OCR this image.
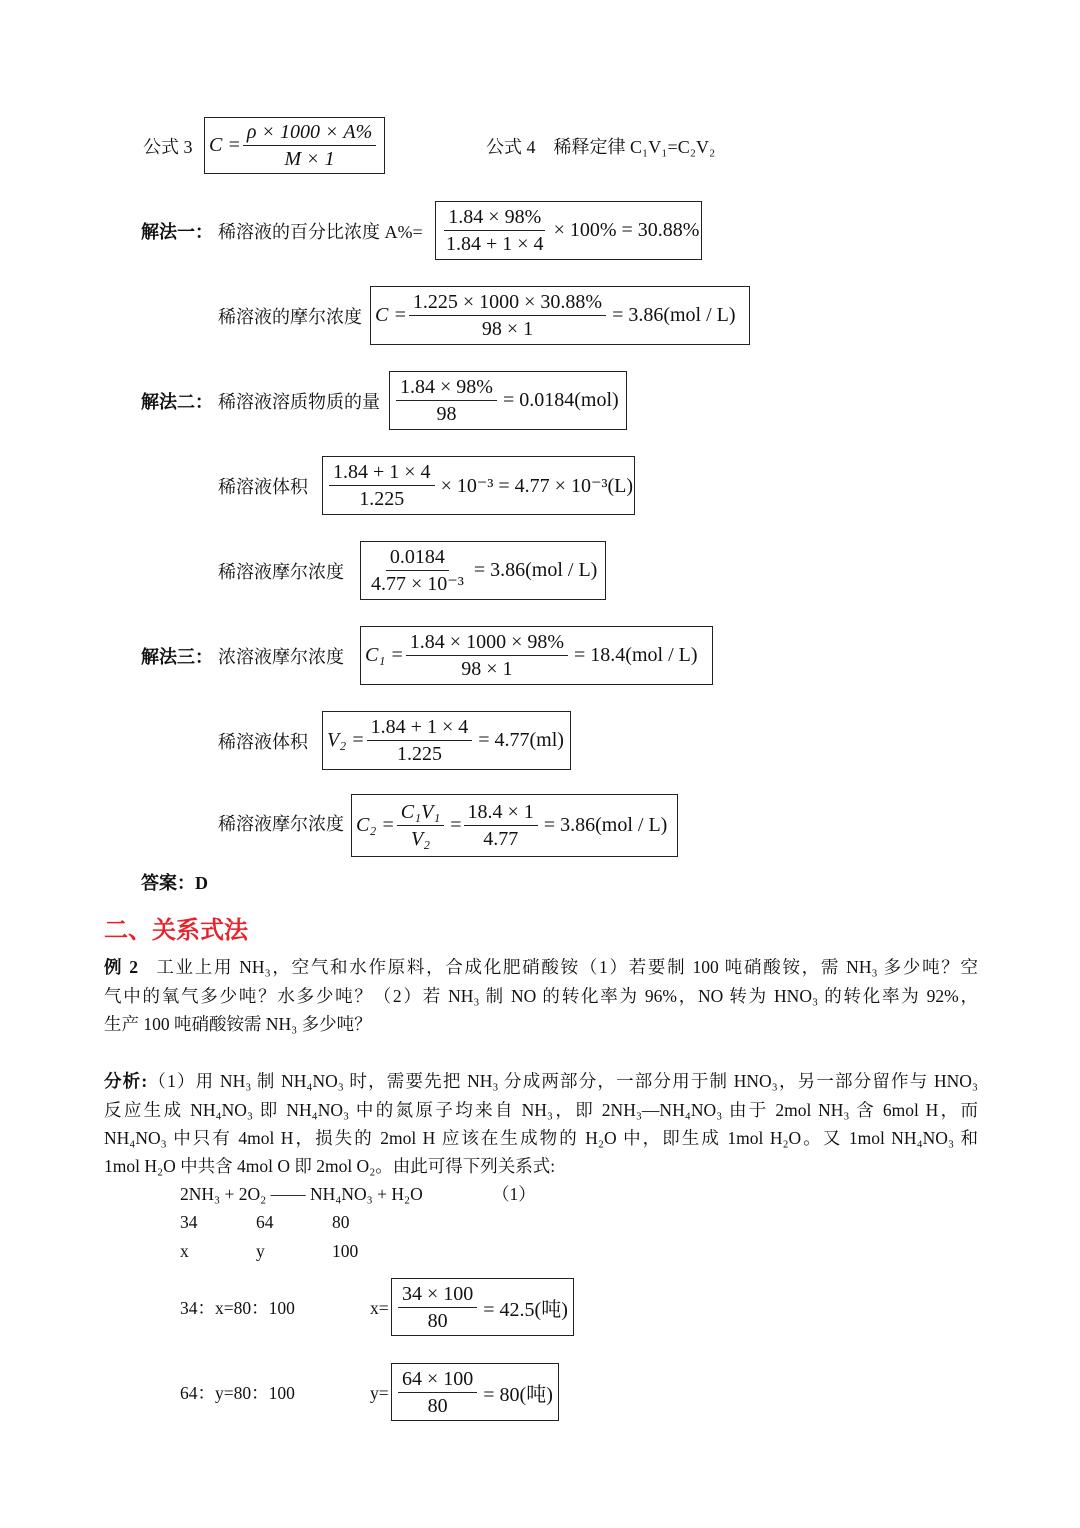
公式 3 $C = \frac{\rho \times 1000 \times A\%}{M \times 1}$	公式 4　稀释定律 C₁V₁=C₂V₂
解法一： 稀溶液的百分比浓度 $A\%= \frac{1.84 \times 98\%}{1.84 + 1 \times 4} \times 100\% = 30.88\%$
稀溶液的摩尔浓度 $C = \frac{1.225 \times 1000 \times 30.88\%}{98 \times 1} = 3.86(mol / L)$
解法二： 稀溶液溶质物质的量 $\frac{1.84 \times 98\%}{98} = 0.0184(mol)$
稀溶液体积 $\frac{1.84 + 1 \times 4}{1.225} \times 10^{-3} = 4.77 \times 10^{-3}(L)$
稀溶液摩尔浓度 $\frac{0.0184}{\text{4.77 × 10⁻³}} = 3.86(mol / L)$
解法三： 浓溶液摩尔浓度 $C_1 = \frac{1.84 \times 1000 \times 98\%}{98 \times 1} = 18.4(mol / L)$
稀溶液体积 $V_2 = \frac{1.84 + 1 \times 4}{1.225} = 4.77(ml)$
稀溶液摩尔浓度 $C_2 = \frac{\text{C₁V₁}}{\text{V₂}} = \frac{18.4 \times 1}{4.77} = 3.86(mol / L)$
答案：D
二、关系式法
例 2 工业上用 NH₃，空气和水作原料，合成化肥硝酸铵（1）若要制 100 吨硝酸铵，需 NH₃ 多少吨？空
气中的氧气多少吨？水多少吨？（2）若 NH₃ 制 NO 的转化率为 96%，NO 转为 HNO₃ 的转化率为 92%，
生产 100 吨硝酸铵需 NH₃ 多少吨？
分析:（1）用 NH₃ 制 NH₄NO₃ 时，需要先把 NH₃ 分成两部分，一部分用于制 HNO₃，另一部分留作与 HNO₃
反应生成 NH₄NO₃ 即 NH₄NO₃ 中的氮原子均来自 NH₃，即 2NH₃—NH₄NO₃ 由于 2mol NH₃ 含 6mol H，而
NH₄NO₃ 中只有 4mol H，损失的 2mol H 应该在生成物的 H₂O 中，即生成 1mol H₂O。又 1mol NH₄NO₃ 和
1mol H₂O 中共含 4mol O 即 2mol O₂。由此可得下列关系式:
2NH₃ + 2O₂ —— NH₄NO₃ + H₂O	（1）
34	64	80
x	y	100
34：x=80：100	$x= \frac{34 \times 100}{80} = 42.5$(吨)
64：y=80：100	$y= \frac{64 \times 100}{80} = 80$(吨)
